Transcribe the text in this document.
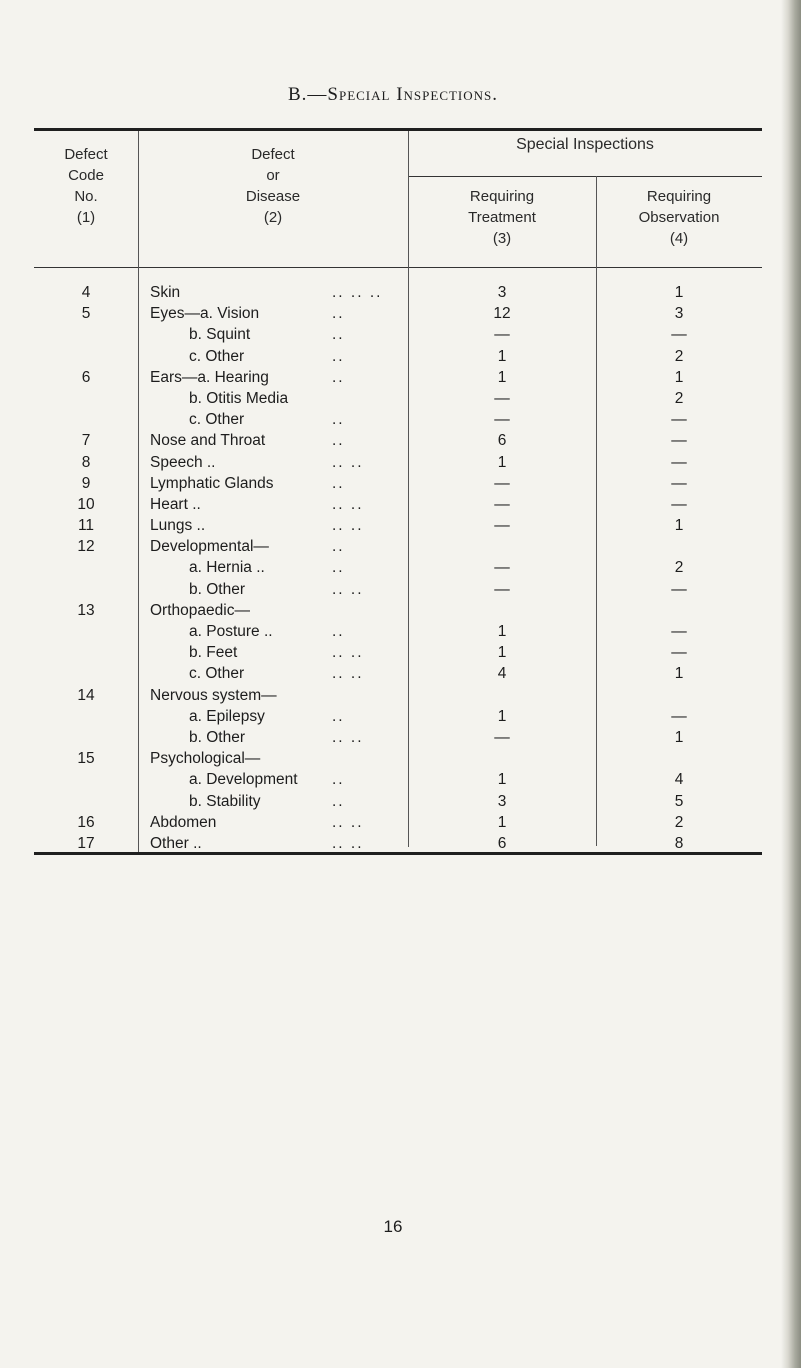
B.—Special Inspections.
Defect
Code
No.
(1)
Defect
or
Disease
(2)
Special Inspections
Requiring
Treatment
(3)
Requiring
Observation
(4)
4	Skin	.. .. ..	3	1
5	Eyes—a. Vision	..	12	3
b. Squint	..	—	—
c. Other	..	1	2
6	Ears—a. Hearing	..	1	1
b. Otitis Media	—	2
c. Other	..	—	—
7	Nose and Throat	..	6	—
8	Speech ..	.. ..	1	—
9	Lymphatic Glands	..	—	—
10	Heart ..	.. ..	—	—
11	Lungs ..	.. ..	—	1
12	Developmental—	..
a. Hernia ..	..	—	2
b. Other	.. ..	—	—
13	Orthopaedic—
a. Posture ..	..	1	—
b. Feet	.. ..	1	—
c. Other	.. ..	4	1
14	Nervous system—
a. Epilepsy	..	1	—
b. Other	.. ..	—	1
15	Psychological—
a. Development ..	1	4
b. Stability	..	3	5
16	Abdomen	.. ..	1	2
17	Other ..	.. ..	6	8
16
